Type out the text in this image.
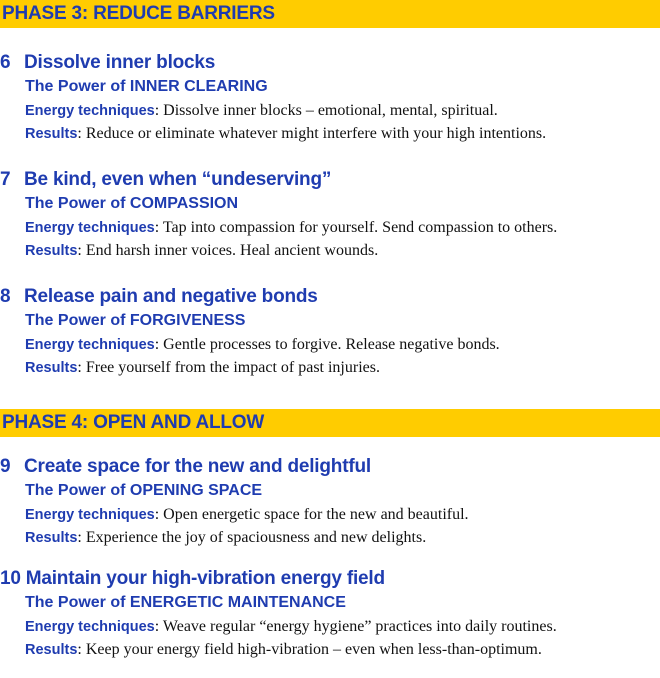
PHASE 3: REDUCE BARRIERS
6 Dissolve inner blocks
The Power of INNER CLEARING
Energy techniques: Dissolve inner blocks – emotional, mental, spiritual.
Results: Reduce or eliminate whatever might interfere with your high intentions.
7 Be kind, even when “undeserving”
The Power of COMPASSION
Energy techniques: Tap into compassion for yourself. Send compassion to others.
Results: End harsh inner voices. Heal ancient wounds.
8 Release pain and negative bonds
The Power of FORGIVENESS
Energy techniques: Gentle processes to forgive. Release negative bonds.
Results: Free yourself from the impact of past injuries.
PHASE 4: OPEN AND ALLOW
9 Create space for the new and delightful
The Power of OPENING SPACE
Energy techniques: Open energetic space for the new and beautiful.
Results: Experience the joy of spaciousness and new delights.
10 Maintain your high-vibration energy field
The Power of ENERGETIC MAINTENANCE
Energy techniques: Weave regular “energy hygiene” practices into daily routines.
Results: Keep your energy field high-vibration – even when less-than-optimum.
